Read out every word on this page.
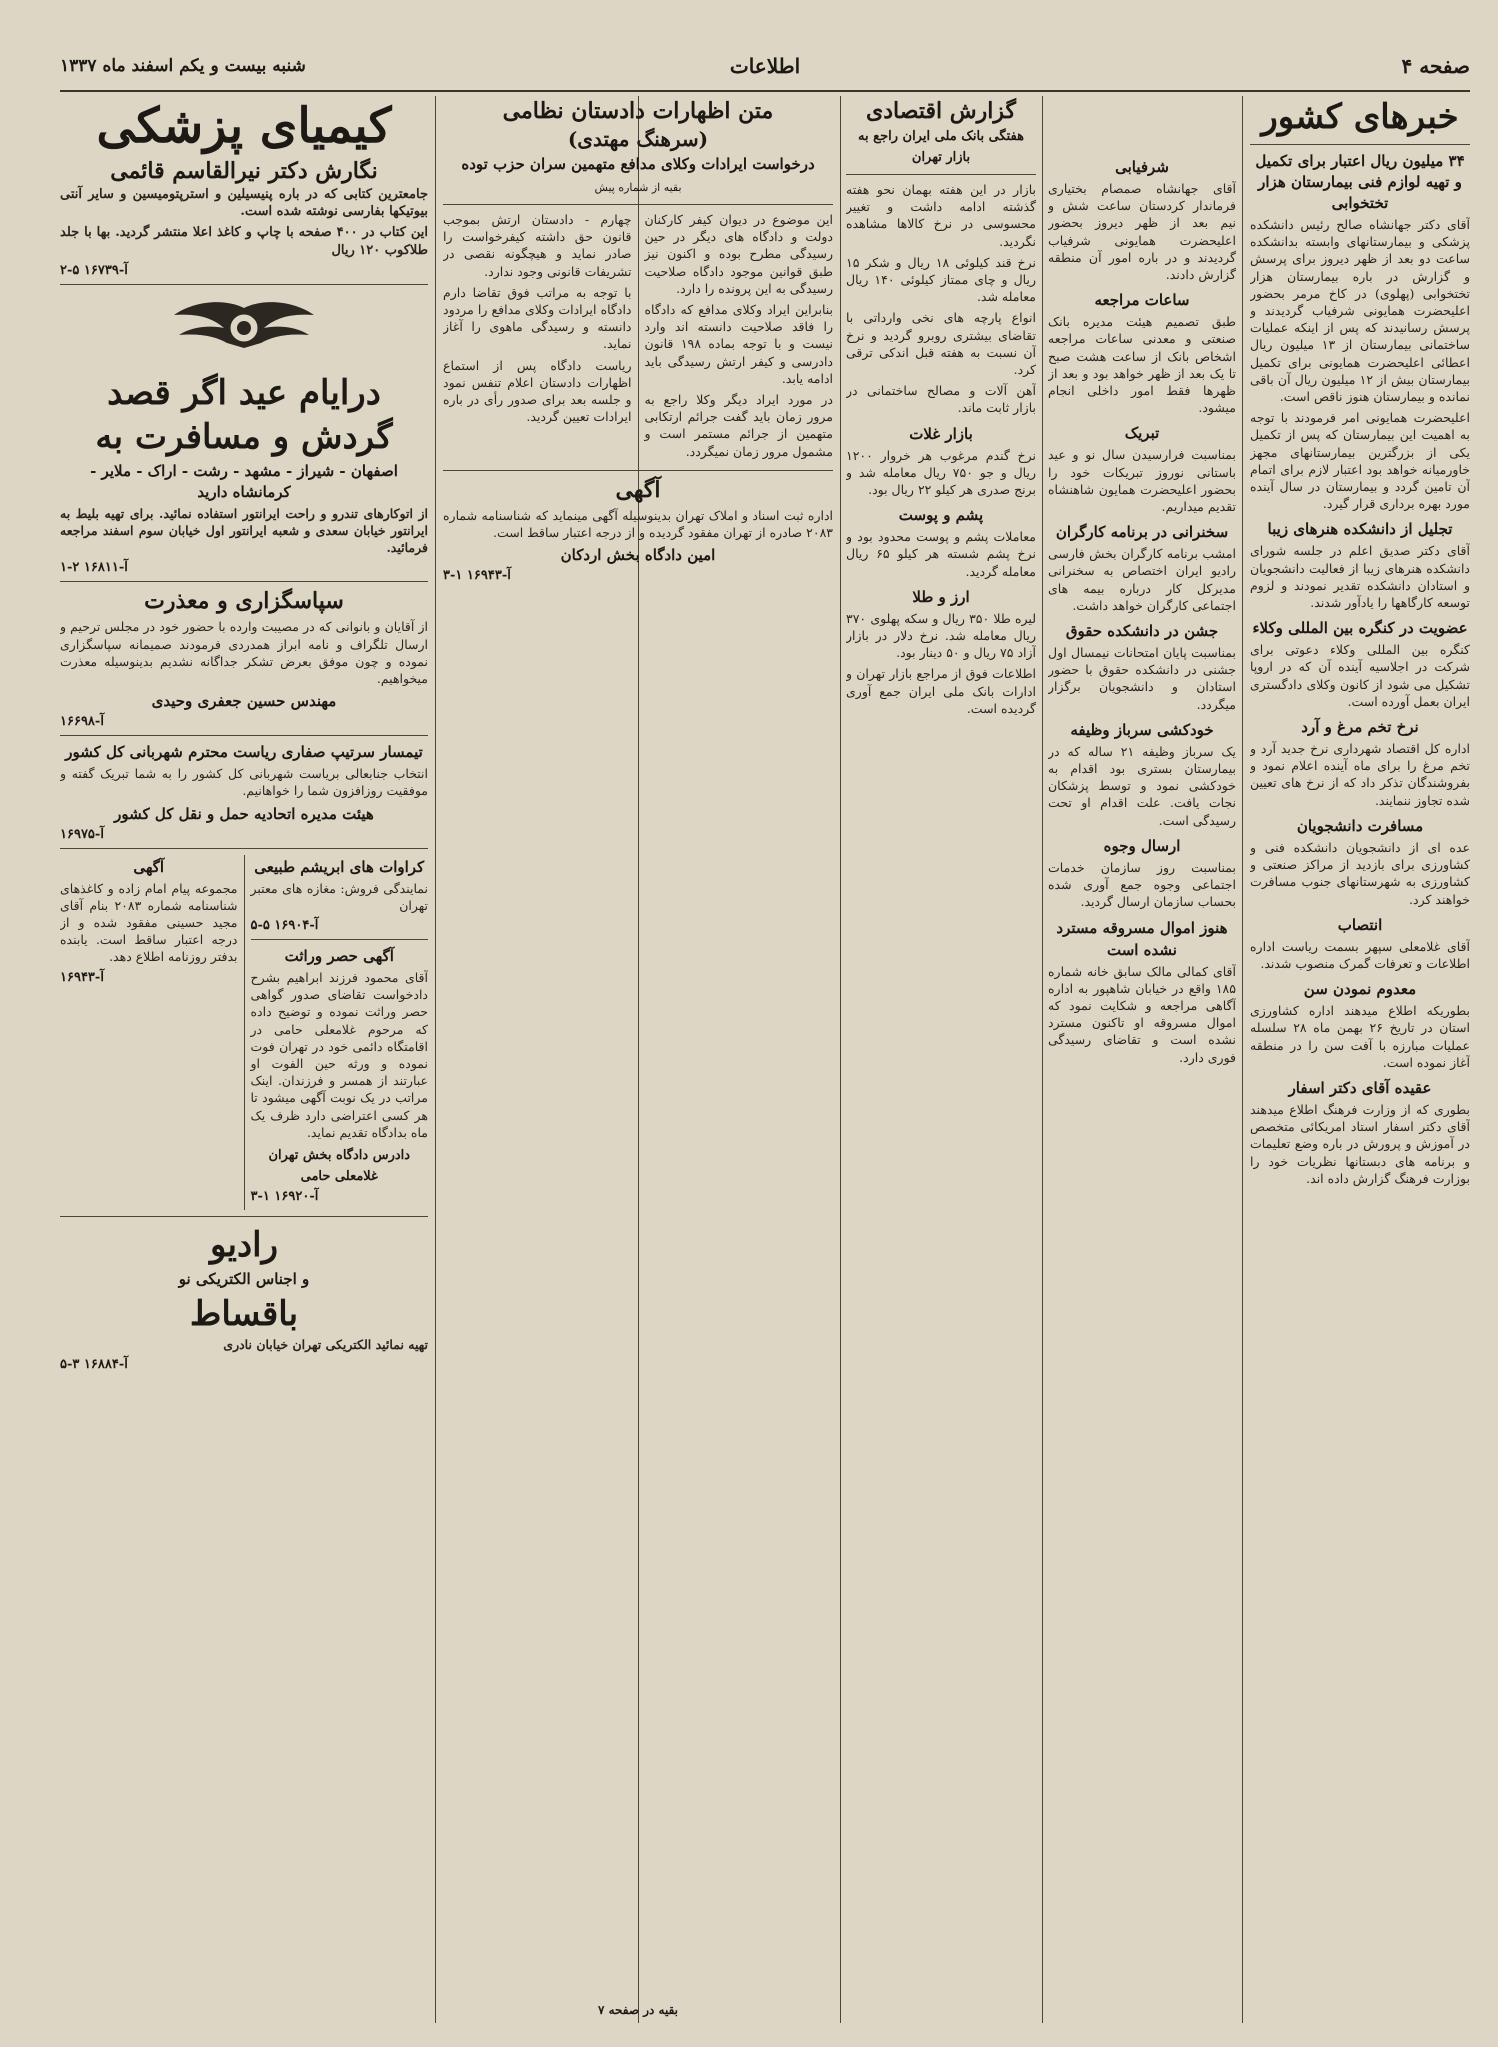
صفحه ۴
اطلاعات
شنبه بیست و یکم اسفند ماه ۱۳۳۷
خبرهای کشور
۳۴ میلیون ریال اعتبار برای تکمیل و تهیه لوازم فنی بیمارستان هزار تختخوابی

آقای دکتر جهانشاه صالح رئیس دانشکده پزشکی و بیمارستانهای وابسته بدانشکده ساعت دو بعد از ظهر دیروز برای پرسش و گزارش در باره بیمارستان هزار تختخوابی (پهلوی) در کاخ مرمر بحضور اعلیحضرت همایونی شرفیاب گردیدند و پرسش رسانیدند که پس از اینکه عملیات ساختمانی بیمارستان از ۱۳ میلیون ریال اعطائی اعلیحضرت همایونی برای تکمیل بیمارستان بیش از ۱۲ میلیون ریال آن باقی نمانده و بیمارستان هنوز ناقص است.

اعلیحضرت همایونی امر فرمودند با توجه به اهمیت این بیمارستان که پس از تکمیل یکی از بزرگترین بیمارستانهای مجهز خاورمیانه خواهد بود اعتبار لازم برای اتمام آن تامین گردد و بیمارستان در سال آینده مورد بهره برداری قرار گیرد.

تجلیل از دانشکده هنرهای زیبا

آقای دکتر صدیق اعلم در جلسه شورای دانشکده هنرهای زیبا از فعالیت دانشجویان و استادان دانشکده تقدیر نمودند و لزوم توسعه کارگاهها را یادآور شدند.

عضویت در کنگره بین المللی وکلاء

کنگره بین المللی وکلاء دعوتی برای شرکت در اجلاسیه آینده آن که در اروپا تشکیل می شود از کانون وکلای دادگستری ایران بعمل آورده است.

نرخ تخم مرغ و آرد

اداره کل اقتصاد شهرداری نرخ جدید آرد و تخم مرغ را برای ماه آینده اعلام نمود و بفروشندگان تذکر داد که از نرخ های تعیین شده تجاوز ننمایند.

مسافرت دانشجویان

عده ای از دانشجویان دانشکده فنی و کشاورزی برای بازدید از مراکز صنعتی و کشاورزی به شهرستانهای جنوب مسافرت خواهند کرد.

انتصاب

آقای غلامعلی سپهر بسمت ریاست اداره اطلاعات و تعرفات گمرک منصوب شدند.

معدوم نمودن سن

بطوریکه اطلاع میدهند اداره کشاورزی استان در تاریخ ۲۶ بهمن ماه ۲۸ سلسله عملیات مبارزه با آفت سن را در منطقه آغاز نموده است.

عقیده آقای دکتر اسفار

بطوری که از وزارت فرهنگ اطلاع میدهند آقای دکتر اسفار استاد امریکائی متخصص در آموزش و پرورش در باره وضع تعلیمات و برنامه های دبستانها نظریات خود را بوزارت فرهنگ گزارش داده اند.

شرفیابی

آقای جهانشاه صمصام بختیاری فرماندار کردستان ساعت شش و نیم بعد از ظهر دیروز بحضور اعلیحضرت همایونی شرفیاب گردیدند و در باره امور آن منطقه گزارش دادند.

ساعات مراجعه

طبق تصمیم هیئت مدیره بانک صنعتی و معدنی ساعات مراجعه اشخاص بانک از ساعت هشت صبح تا یک بعد از ظهر خواهد بود و بعد از ظهرها فقط امور داخلی انجام میشود.

تبریک

بمناسبت فرارسیدن سال نو و عید باستانی نوروز تبریکات خود را بحضور اعلیحضرت همایون شاهنشاه تقدیم میداریم.

سخنرانی در برنامه کارگران

امشب برنامه کارگران بخش فارسی رادیو ایران اختصاص به سخنرانی مدیرکل کار درباره بیمه های اجتماعی کارگران خواهد داشت.

جشن در دانشکده حقوق

بمناسبت پایان امتحانات نیمسال اول جشنی در دانشکده حقوق با حضور استادان و دانشجویان برگزار میگردد.

خودکشی سرباز وظیفه

یک سرباز وظیفه ۲۱ ساله که در بیمارستان بستری بود اقدام به خودکشی نمود و توسط پزشکان نجات یافت. علت اقدام او تحت رسیدگی است.

ارسال وجوه

بمناسبت روز سازمان خدمات اجتماعی وجوه جمع آوری شده بحساب سازمان ارسال گردید.

هنوز اموال مسروقه مسترد نشده است

آقای کمالی مالک سابق خانه شماره ۱۸۵ واقع در خیابان شاهپور به اداره آگاهی مراجعه و شکایت نمود که اموال مسروقه او تاکنون مسترد نشده است و تقاضای رسیدگی فوری دارد.

گزارش اقتصادی
هفتگی بانک ملی ایران راجع به بازار تهران

بازار در این هفته بهمان نحو هفته گذشته ادامه داشت و تغییر محسوسی در نرخ کالاها مشاهده نگردید.

نرخ قند کیلوئی ۱۸ ریال و شکر ۱۵ ریال و چای ممتاز کیلوئی ۱۴۰ ریال معامله شد.

انواع پارچه های نخی وارداتی با تقاضای بیشتری روبرو گردید و نرخ آن نسبت به هفته قبل اندکی ترقی کرد.

آهن آلات و مصالح ساختمانی در بازار ثابت ماند.

بازار غلات

نرخ گندم مرغوب هر خروار ۱۲۰۰ ریال و جو ۷۵۰ ریال معامله شد و برنج صدری هر کیلو ۲۲ ریال بود.

پشم و پوست

معاملات پشم و پوست محدود بود و نرخ پشم شسته هر کیلو ۶۵ ریال معامله گردید.

ارز و طلا

لیره طلا ۳۵۰ ریال و سکه پهلوی ۳۷۰ ریال معامله شد. نرخ دلار در بازار آزاد ۷۵ ریال و ۵۰ دینار بود.

اطلاعات فوق از مراجع بازار تهران و ادارات بانک ملی ایران جمع آوری گردیده است.

متن اظهارات دادستان نظامی
(سرهنگ مهتدی)
درخواست ایرادات وکلای مدافع متهمین سران حزب توده
بقیه از شماره پیش

این موضوع در دیوان کیفر کارکنان دولت و دادگاه های دیگر در حین رسیدگی مطرح بوده و اکنون نیز طبق قوانین موجود دادگاه صلاحیت رسیدگی به این پرونده را دارد.

بنابراین ایراد وکلای مدافع که دادگاه را فاقد صلاحیت دانسته اند وارد نیست و با توجه بماده ۱۹۸ قانون دادرسی و کیفر ارتش رسیدگی باید ادامه یابد.

در مورد ایراد دیگر وکلا راجع به مرور زمان باید گفت جرائم ارتکابی متهمین از جرائم مستمر است و مشمول مرور زمان نمیگردد.

چهارم - دادستان ارتش بموجب قانون حق داشته کیفرخواست را صادر نماید و هیچگونه نقصی در تشریفات قانونی وجود ندارد.

با توجه به مراتب فوق تقاضا دارم دادگاه ایرادات وکلای مدافع را مردود دانسته و رسیدگی ماهوی را آغاز نماید.

ریاست دادگاه پس از استماع اظهارات دادستان اعلام تنفس نمود و جلسه بعد برای صدور رأی در باره ایرادات تعیین گردید.

آگهی

اداره ثبت اسناد و املاک تهران بدینوسیله آگهی مینماید که شناسنامه شماره ۲۰۸۳ صادره از تهران مفقود گردیده و از درجه اعتبار ساقط است.

امین دادگاه بخش اردکان
آ-۱۶۹۴۳ ۱-۳
کیمیای پزشکی
نگارش دکتر نیرالقاسم قائمی

جامعترین کتابی که در باره پنیسیلین و استرپتومیسین و سایر آنتی بیوتیکها بفارسی نوشته شده است.

این کتاب در ۴۰۰ صفحه با چاپ و کاغذ اعلا منتشر گردید. بها با جلد طلاکوب ۱۲۰ ریال

آ-۱۶۷۳۹ ۵-۲
درایام عید اگر قصد گردش و مسافرت به
اصفهان - شیراز - مشهد - رشت - اراک - ملایر - کرمانشاه دارید

از اتوکارهای تندرو و راحت ایرانتور استفاده نمائید. برای تهیه بلیط به ایرانتور خیابان سعدی و شعبه ایرانتور اول خیابان سوم اسفند مراجعه فرمائید.

آ-۱۶۸۱۱ ۲-۱
سپاسگزاری و معذرت

از آقایان و بانوانی که در مصیبت وارده با حضور خود در مجلس ترحیم و ارسال تلگراف و نامه ابراز همدردی فرمودند صمیمانه سپاسگزاری نموده و چون موفق بعرض تشکر جداگانه نشدیم بدینوسیله معذرت میخواهیم.

مهندس حسین جعفری وحیدی
آ-۱۶۶۹۸
تیمسار سرتیپ صفاری ریاست محترم شهربانی کل کشور

انتخاب جنابعالی بریاست شهربانی کل کشور را به شما تبریک گفته و موفقیت روزافزون شما را خواهانیم.

هیئت مدیره اتحادیه حمل و نقل کل کشور
آ-۱۶۹۷۵
کراوات های ابریشم طبیعی

نمایندگی فروش: مغازه های معتبر تهران

آ-۱۶۹۰۴ ۵-۵
آگهی حصر وراثت

آقای محمود فرزند ابراهیم بشرح دادخواست تقاضای صدور گواهی حصر وراثت نموده و توضیح داده که مرحوم غلامعلی حامی در اقامتگاه دائمی خود در تهران فوت نموده و ورثه حین الفوت او عبارتند از همسر و فرزندان. اینک مراتب در یک نوبت آگهی میشود تا هر کسی اعتراضی دارد ظرف یک ماه بدادگاه تقدیم نماید.

دادرس دادگاه بخش تهران غلامعلی حامی
آ-۱۶۹۲۰ ۱-۳
آگهی

مجموعه پیام امام زاده و کاغذهای شناسنامه شماره ۲۰۸۳ بنام آقای مجید حسینی مفقود شده و از درجه اعتبار ساقط است. یابنده بدفتر روزنامه اطلاع دهد.

آ-۱۶۹۴۳
رادیو
و اجناس الکتریکی نو
باقساط

تهیه نمائید الکتریکی تهران خیابان نادری

آ-۱۶۸۸۴ ۳-۵
بقیه در صفحه ۷
